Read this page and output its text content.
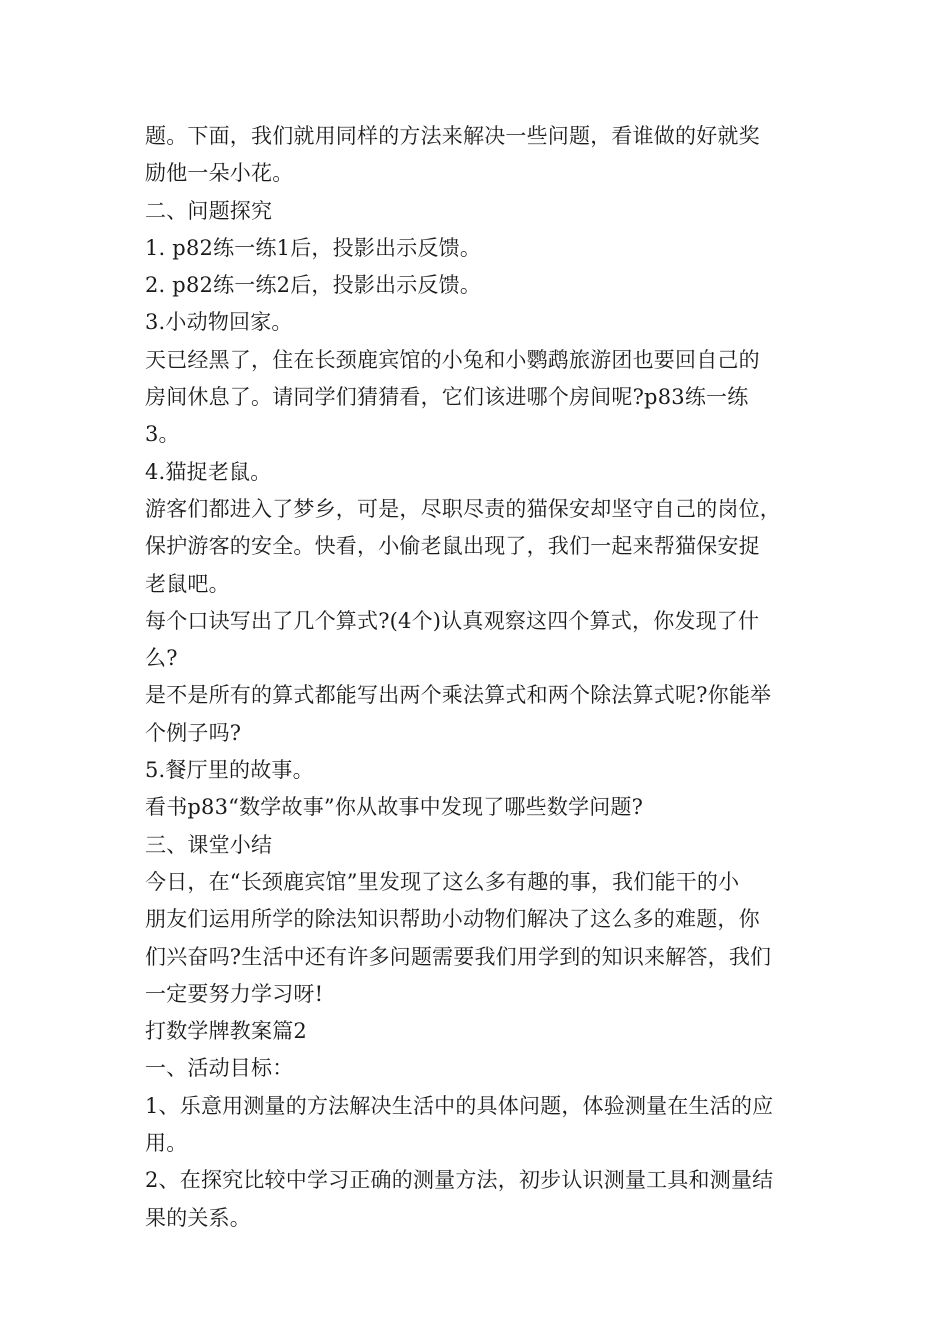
题。下面，我们就用同样的方法来解决一些问题，看谁做的好就奖
励他一朵小花。
二、问题探究
1. p82练一练1后，投影出示反馈。
2. p82练一练2后，投影出示反馈。
3.小动物回家。
天已经黑了，住在长颈鹿宾馆的小兔和小鹦鹉旅游团也要回自己的
房间休息了。请同学们猜猜看，它们该进哪个房间呢?p83练一练
3。
4.猫捉老鼠。
游客们都进入了梦乡，可是，尽职尽责的猫保安却坚守自己的岗位，
保护游客的安全。快看，小偷老鼠出现了，我们一起来帮猫保安捉
老鼠吧。
每个口诀写出了几个算式?(4个)认真观察这四个算式，你发现了什
么?
是不是所有的算式都能写出两个乘法算式和两个除法算式呢?你能举
个例子吗?
5.餐厅里的故事。
看书p83“数学故事”你从故事中发现了哪些数学问题?
三、课堂小结
今日，在“长颈鹿宾馆”里发现了这么多有趣的事，我们能干的小
朋友们运用所学的除法知识帮助小动物们解决了这么多的难题，你
们兴奋吗?生活中还有许多问题需要我们用学到的知识来解答，我们
一定要努力学习呀!
打数学牌教案篇2
一、活动目标：
1、乐意用测量的方法解决生活中的具体问题，体验测量在生活的应
用。
2、在探究比较中学习正确的测量方法，初步认识测量工具和测量结
果的关系。
